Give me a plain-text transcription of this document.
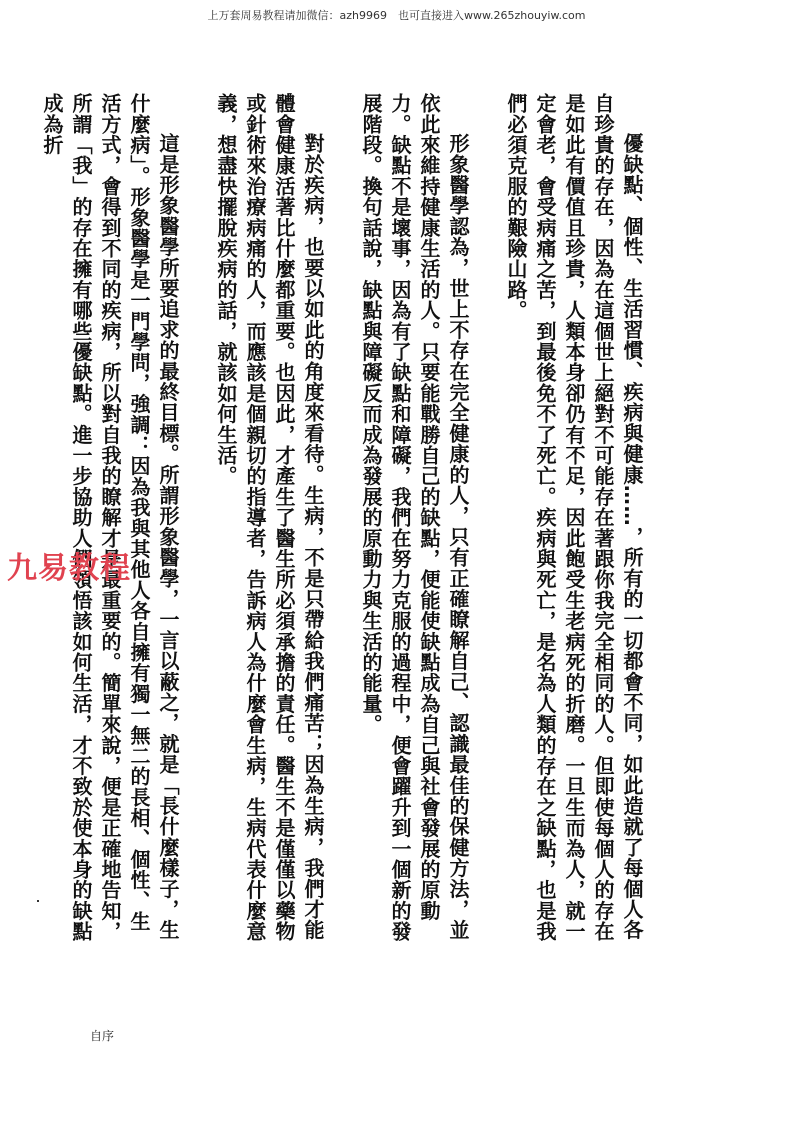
上万套周易教程请加微信：azh9969　也可直接进入www.265zhouyiw.com

優缺點、個性、生活習慣、疾病與健康……，所有的一切都會不同，如此造就了每個人各自珍貴的存在，因為在這個世上絕對不可能存在著跟你我完全相同的人。但即使每個人的存在是如此有價值且珍貴，人類本身卻仍有不足，因此飽受生老病死的折磨。一旦生而為人，就一定會老，會受病痛之苦，到最後免不了死亡。疾病與死亡，是名為人類的存在之缺點，也是我們必須克服的艱險山路。

形象醫學認為，世上不存在完全健康的人，只有正確瞭解自己、認識最佳的保健方法，並依此來維持健康生活的人。只要能戰勝自己的缺點，便能使缺點成為自己與社會發展的原動力。缺點不是壞事，因為有了缺點和障礙，我們在努力克服的過程中，便會躍升到一個新的發展階段。換句話說，缺點與障礙反而成為發展的原動力與生活的能量。

對於疾病，也要以如此的角度來看待。生病，不是只帶給我們痛苦；因為生病，我們才能體會健康活著比什麼都重要。也因此，才產生了醫生所必須承擔的責任。醫生不是僅僅以藥物或針術來治療病痛的人，而應該是個親切的指導者，告訴病人為什麼會生病，生病代表什麼意義，想盡快擺脫疾病的話，就該如何生活。

這是形象醫學所要追求的最終目標。所謂形象醫學，一言以蔽之，就是「長什麼樣子，生什麼病」。形象醫學是一門學問，強調：因為我與其他人各自擁有獨一無二的長相、個性、生活方式，會得到不同的疾病，所以對自我的瞭解才是最重要的。簡單來說，便是正確地告知，所謂「我」的存在擁有哪些優缺點。進一步協助人們領悟該如何生活，才不致於使本身的缺點成為折

九易教程
自序
